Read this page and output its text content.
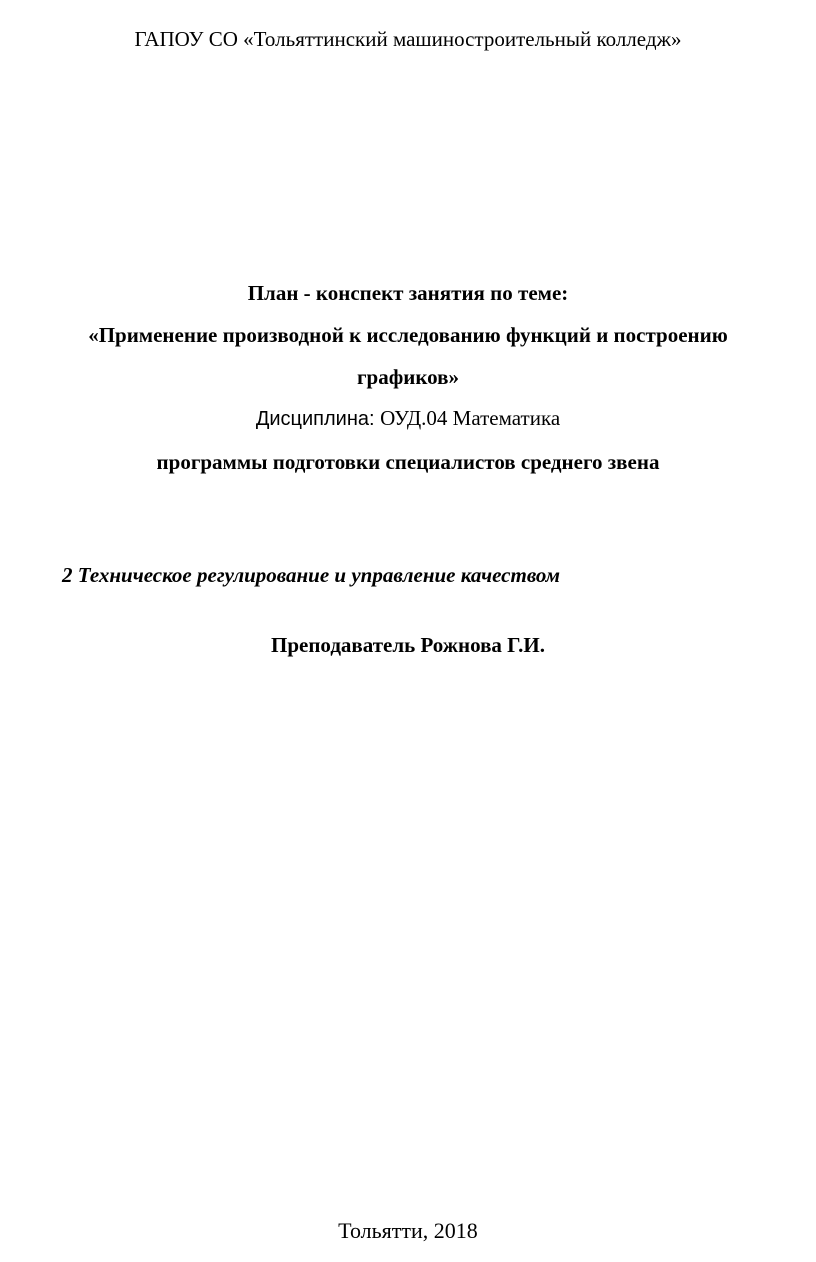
ГАПОУ СО «Тольяттинский машиностроительный колледж»
План - конспект занятия по теме:
«Применение производной к исследованию функций и построению
графиков»
Дисциплина: ОУД.04 Математика
программы подготовки специалистов среднего звена
2 Техническое регулирование и управление качеством
Преподаватель Рожнова Г.И.
Тольятти, 2018
